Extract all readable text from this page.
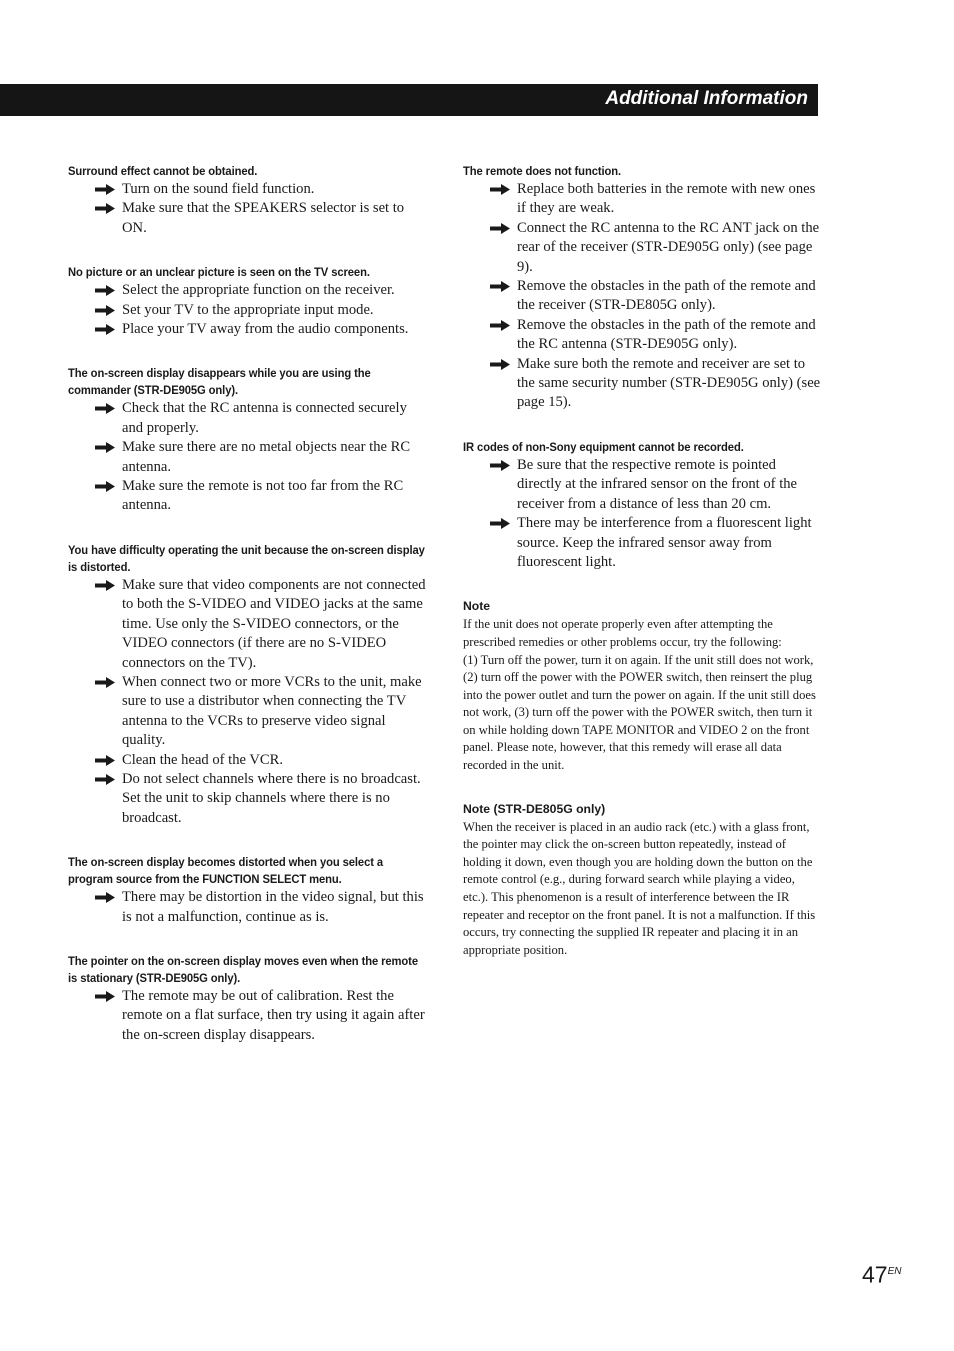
Additional Information
Surround effect cannot be obtained.
Turn on the sound field function.
Make sure that the SPEAKERS selector is set to ON.
No picture or an unclear picture is seen on the TV screen.
Select the appropriate function on the receiver.
Set your TV to the appropriate input mode.
Place your TV away from the audio components.
The on-screen display disappears while you are using the commander (STR-DE905G only).
Check that the RC antenna is connected securely and properly.
Make sure there are no metal objects near the RC antenna.
Make sure the remote is not too far from the RC antenna.
You have difficulty operating the unit because the on-screen display is distorted.
Make sure that video components are not connected to both the S-VIDEO and VIDEO jacks at the same time. Use only the S-VIDEO connectors, or the VIDEO connectors (if there are no S-VIDEO connectors on the TV).
When connect two or more VCRs to the unit, make sure to use a distributor when connecting the TV antenna to the VCRs to preserve video signal quality.
Clean the head of the VCR.
Do not select channels where there is no broadcast. Set the unit to skip channels where there is no broadcast.
The on-screen display becomes distorted when you select a program source from the FUNCTION SELECT menu.
There may be distortion in the video signal, but this is not a malfunction, continue as is.
The pointer on the on-screen display moves even when the remote is stationary (STR-DE905G only).
The remote may be out of calibration. Rest the remote on a flat surface, then try using it again after the on-screen display disappears.
The remote does not function.
Replace both batteries in the remote with new ones if they are weak.
Connect the RC antenna to the RC ANT jack on the rear of the receiver (STR-DE905G only) (see page 9).
Remove the obstacles in the path of the remote and the receiver (STR-DE805G only).
Remove the obstacles in the path of the remote and the RC antenna (STR-DE905G only).
Make sure both the remote and receiver are set to the same security number (STR-DE905G only) (see page 15).
IR codes of non-Sony equipment cannot be recorded.
Be sure that the respective remote is pointed directly at the infrared sensor on the front of the receiver from a distance of less than 20 cm.
There may be interference from a fluorescent light source. Keep the infrared sensor away from fluorescent light.
Note

If the unit does not operate properly even after attempting the prescribed remedies or other problems occur, try the following:

(1) Turn off the power, turn it on again. If the unit still does not work, (2) turn off the power with the POWER switch, then reinsert the plug into the power outlet and turn the power on again. If the unit still does not work, (3) turn off the power with the POWER switch, then turn it on while holding down TAPE MONITOR and VIDEO 2 on the front panel. Please note, however, that this remedy will erase all data recorded in the unit.

Note (STR-DE805G only)

When the receiver is placed in an audio rack (etc.) with a glass front, the pointer may click the on-screen button repeatedly, instead of holding it down, even though you are holding down the button on the remote control (e.g., during forward search while playing a video, etc.). This phenomenon is a result of interference between the IR repeater and receptor on the front panel. It is not a malfunction. If this occurs, try connecting the supplied IR repeater and placing it in an appropriate position.

$47^{EN}$
